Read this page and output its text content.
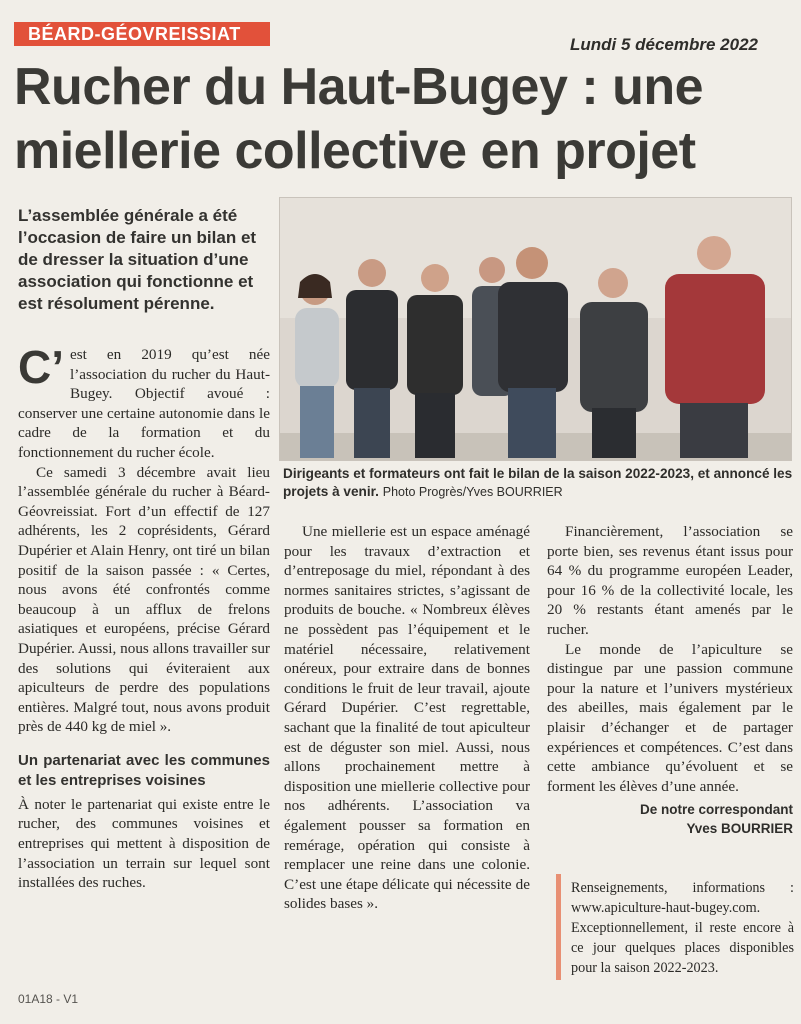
BÉARD-GÉOVREISSIAT
Lundi 5 décembre 2022
Rucher du Haut-Bugey : une
miellerie collective en projet
L’assemblée générale a été l’occasion de faire un bilan et de dresser la situation d’une association qui fonctionne et est résolument pérenne.

C’ est en 2019 qu’est née l’association du rucher du Haut-Bugey. Objectif avoué : conserver une certaine autonomie dans le cadre de la formation et du fonctionnement du rucher école.

Ce samedi 3 décembre avait lieu l’assemblée générale du rucher à Béard-Géovreissiat. Fort d’un effectif de 127 adhérents, les 2 coprésidents, Gérard Dupérier et Alain Henry, ont tiré un bilan positif de la saison passée : « Certes, nous avons été confrontés comme beaucoup à un afflux de frelons asiatiques et européens, précise Gérard Dupérier. Aussi, nous allons travailler sur des solutions qui éviteraient aux apiculteurs de perdre des populations entières. Malgré tout, nous avons produit près de 440 kg de miel ».

Un partenariat avec les communes et les entreprises voisines

À noter le partenariat qui existe entre le rucher, des communes voisines et entreprises qui mettent à disposition de l’association un terrain sur lequel sont installées des ruches.

Dirigeants et formateurs ont fait le bilan de la saison 2022-2023, et annoncé les projets à venir. Photo Progrès/Yves BOURRIER

Une miellerie est un espace aménagé pour les travaux d’extraction et d’entreposage du miel, répondant à des normes sanitaires strictes, s’agissant de produits de bouche. « Nombreux élèves ne possèdent pas l’équipement et le matériel nécessaire, relativement onéreux, pour extraire dans de bonnes conditions le fruit de leur travail, ajoute Gérard Dupérier. C’est regrettable, sachant que la finalité de tout apiculteur est de déguster son miel. Aussi, nous allons prochainement mettre à disposition une miellerie collective pour nos adhérents. L’association va également pousser sa formation en remérage, opération qui consiste à remplacer une reine dans une colonie. C’est une étape délicate qui nécessite de solides bases ».

Financièrement, l’association se porte bien, ses revenus étant issus pour 64 % du programme européen Leader, pour 16 % de la collectivité locale, les 20 % restants étant amenés par le rucher.

Le monde de l’apiculture se distingue par une passion commune pour la nature et l’univers mystérieux des abeilles, mais également par le plaisir d’échanger et de partager expériences et compétences. C’est dans cette ambiance qu’évoluent et se forment les élèves d’une année.

De notre correspondant
Yves BOURRIER
Renseignements, informations : www.apiculture-haut-bugey.com. Exceptionnellement, il reste encore à ce jour quelques places disponibles pour la saison 2022-2023.
01A18 - V1
